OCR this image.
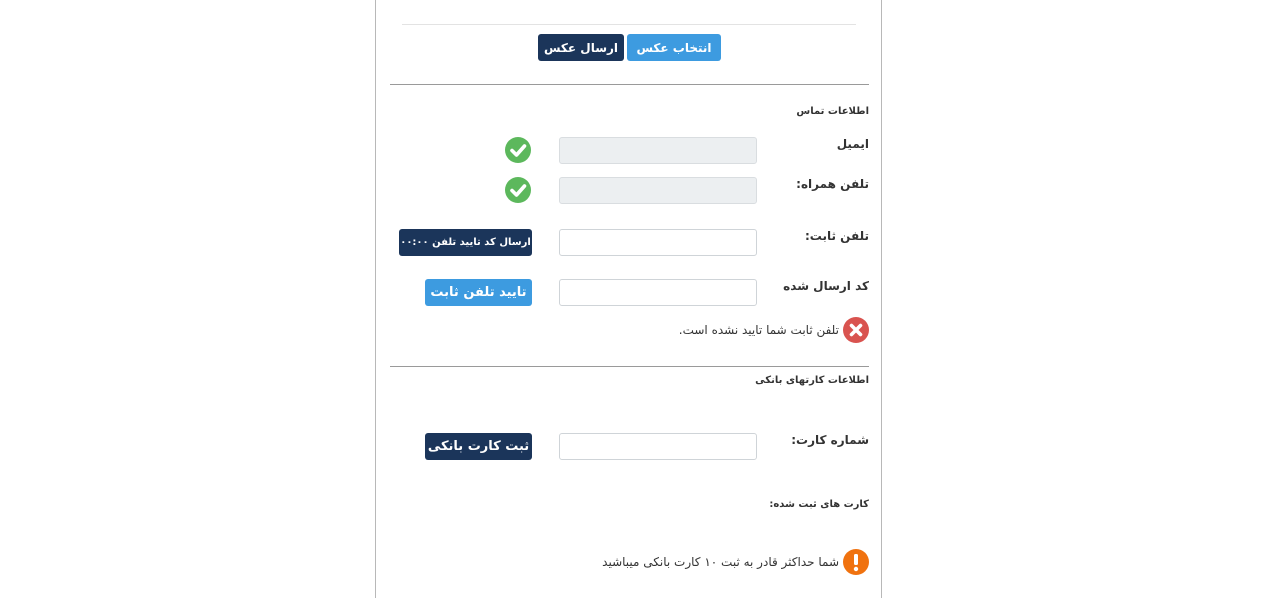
ارسال عکس	انتخاب عکس
اطلاعات تماس
ایمیل
تلفن همراه:
تلفن ثابت:
ارسال کد تایید تلفن ۰۰:۰۰
کد ارسال شده
تایید تلفن ثابت
تلفن ثابت شما تایید نشده است.
اطلاعات کارتهای بانکی
شماره کارت:
ثبت کارت بانکی
کارت های ثبت شده:
شما حداکثر قادر به ثبت ۱۰ کارت بانکی میباشید
